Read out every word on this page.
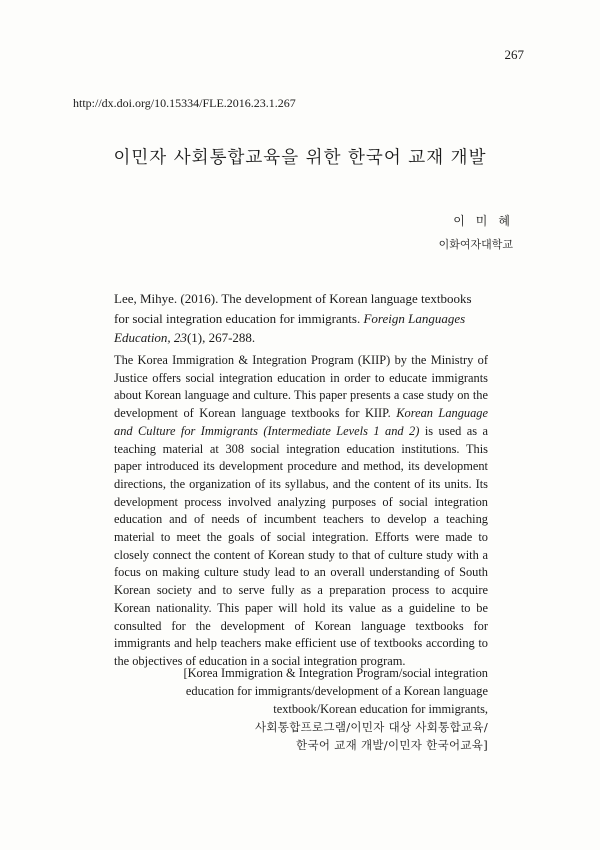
267
http://dx.doi.org/10.15334/FLE.2016.23.1.267
이민자 사회통합교육을 위한 한국어 교재 개발
이 미 혜
이화여자대학교
Lee, Mihye. (2016). The development of Korean language textbooks for social integration education for immigrants. Foreign Languages Education, 23(1), 267-288.
The Korea Immigration & Integration Program (KIIP) by the Ministry of Justice offers social integration education in order to educate immigrants about Korean language and culture. This paper presents a case study on the development of Korean language textbooks for KIIP. Korean Language and Culture for Immigrants (Intermediate Levels 1 and 2) is used as a teaching material at 308 social integration education institutions. This paper introduced its development procedure and method, its development directions, the organization of its syllabus, and the content of its units. Its development process involved analyzing purposes of social integration education and of needs of incumbent teachers to develop a teaching material to meet the goals of social integration. Efforts were made to closely connect the content of Korean study to that of culture study with a focus on making culture study lead to an overall understanding of South Korean society and to serve fully as a preparation process to acquire Korean nationality. This paper will hold its value as a guideline to be consulted for the development of Korean language textbooks for immigrants and help teachers make efficient use of textbooks according to the objectives of education in a social integration program.
[Korea Immigration & Integration Program/social integration
education for immigrants/development of a Korean language
textbook/Korean education for immigrants,
사회통합프로그램/이민자 대상 사회통합교육/
한국어 교재 개발/이민자 한국어교육]
